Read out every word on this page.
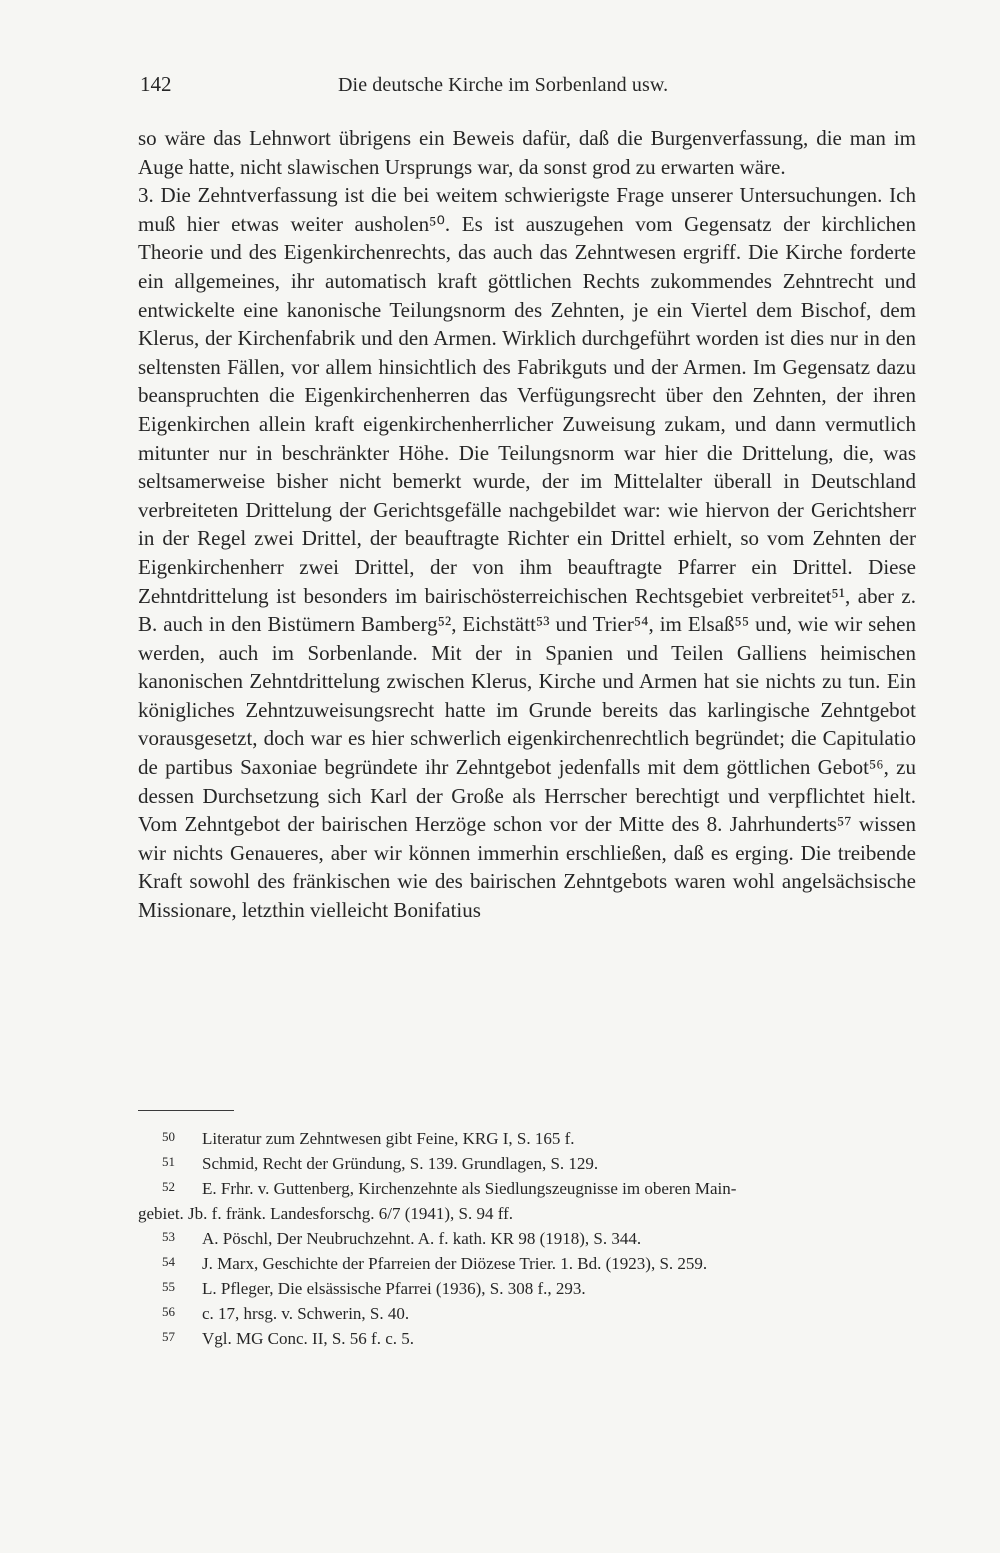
142	Die deutsche Kirche im Sorbenland usw.

so wäre das Lehnwort übrigens ein Beweis dafür, daß die Burgenverfassung, die man im Auge hatte, nicht slawischen Ursprungs war, da sonst grod zu erwarten wäre.

3. Die Zehntverfassung ist die bei weitem schwierigste Frage unserer Untersuchungen. Ich muß hier etwas weiter ausholen⁵⁰. Es ist auszugehen vom Gegensatz der kirchlichen Theorie und des Eigenkirchenrechts, das auch das Zehntwesen ergriff. Die Kirche forderte ein allgemeines, ihr automatisch kraft göttlichen Rechts zukommendes Zehntrecht und entwickelte eine kanonische Teilungsnorm des Zehnten, je ein Viertel dem Bischof, dem Klerus, der Kirchenfabrik und den Armen. Wirklich durchgeführt worden ist dies nur in den seltensten Fällen, vor allem hinsichtlich des Fabrikguts und der Armen. Im Gegensatz dazu beanspruchten die Eigenkirchenherren das Verfügungsrecht über den Zehnten, der ihren Eigenkirchen allein kraft eigenkirchenherrlicher Zuweisung zukam, und dann vermutlich mitunter nur in beschränkter Höhe. Die Teilungsnorm war hier die Drittelung, die, was seltsamerweise bisher nicht bemerkt wurde, der im Mittelalter überall in Deutschland verbreiteten Drittelung der Gerichtsgefälle nachgebildet war: wie hiervon der Gerichtsherr in der Regel zwei Drittel, der beauftragte Richter ein Drittel erhielt, so vom Zehnten der Eigenkirchenherr zwei Drittel, der von ihm beauftragte Pfarrer ein Drittel. Diese Zehntdrittelung ist besonders im bairischösterreichischen Rechtsgebiet verbreitet⁵¹, aber z. B. auch in den Bistümern Bamberg⁵², Eichstätt⁵³ und Trier⁵⁴, im Elsaß⁵⁵ und, wie wir sehen werden, auch im Sorbenlande. Mit der in Spanien und Teilen Galliens heimischen kanonischen Zehntdrittelung zwischen Klerus, Kirche und Armen hat sie nichts zu tun. Ein königliches Zehntzuweisungsrecht hatte im Grunde bereits das karlingische Zehntgebot vorausgesetzt, doch war es hier schwerlich eigenkirchenrechtlich begründet; die Capitulatio de partibus Saxoniae begründete ihr Zehntgebot jedenfalls mit dem göttlichen Gebot⁵⁶, zu dessen Durchsetzung sich Karl der Große als Herrscher berechtigt und verpflichtet hielt. Vom Zehntgebot der bairischen Herzöge schon vor der Mitte des 8. Jahrhunderts⁵⁷ wissen wir nichts Genaueres, aber wir können immerhin erschließen, daß es erging. Die treibende Kraft sowohl des fränkischen wie des bairischen Zehntgebots waren wohl angelsächsische Missionare, letzthin vielleicht Bonifatius

50 Literatur zum Zehntwesen gibt Feine, KRG I, S. 165 f.

51 Schmid, Recht der Gründung, S. 139. Grundlagen, S. 129.

52 E. Frhr. v. Guttenberg, Kirchenzehnte als Siedlungszeugnisse im oberen Main-
gebiet. Jb. f. fränk. Landesforschg. 6/7 (1941), S. 94 ff.

53 A. Pöschl, Der Neubruchzehnt. A. f. kath. KR 98 (1918), S. 344.

54 J. Marx, Geschichte der Pfarreien der Diözese Trier. 1. Bd. (1923), S. 259.

55 L. Pfleger, Die elsässische Pfarrei (1936), S. 308 f., 293.

56 c. 17, hrsg. v. Schwerin, S. 40.

57 Vgl. MG Conc. II, S. 56 f. c. 5.
